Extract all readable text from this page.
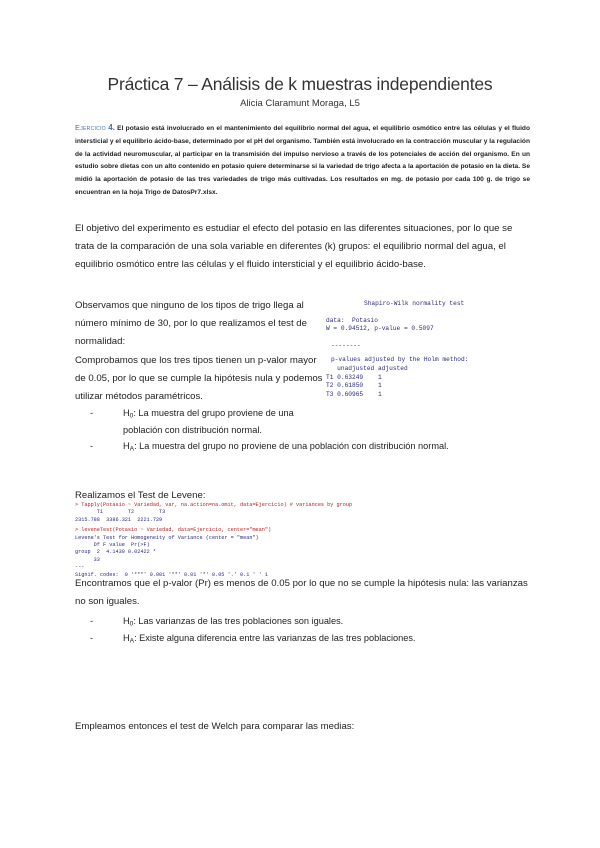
Práctica 7 – Análisis de k muestras independientes
Alicia Claramunt Moraga, L5
Ejercicio 4. El potasio está involucrado en el mantenimiento del equilibrio normal del agua, el equilibrio osmótico entre las células y el fluido intersticial y el equilibrio ácido-base, determinado por el pH del organismo. También está involucrado en la contracción muscular y la regulación de la actividad neuromuscular, al participar en la transmisión del impulso nervioso a través de los potenciales de acción del organismo. En un estudio sobre dietas con un alto contenido en potasio quiere determinarse si la variedad de trigo afecta a la aportación de potasio en la dieta. Se midió la aportación de potasio de las tres variedades de trigo más cultivadas. Los resultados en mg. de potasio por cada 100 g. de trigo se encuentran en la hoja Trigo de DatosPr7.xlsx.
El objetivo del experimento es estudiar el efecto del potasio en las diferentes situaciones, por lo que se trata de la comparación de una sola variable en diferentes (k) grupos: el equilibrio normal del agua, el equilibrio osmótico entre las células y el fluido intersticial y el equilibrio ácido-base.
Observamos que ninguno de los tipos de trigo llega al número mínimo de 30, por lo que realizamos el test de normalidad:
Comprobamos que los tres tipos tienen un p-valor mayor de 0.05, por lo que se cumple la hipótesis nula y podemos utilizar métodos paramétricos.
-	$H_0$: La muestra del grupo proviene de una
población con distribución normal.
-	$H_A$: La muestra del grupo no proviene de una población con distribución normal.
Shapiro-Wilk normality test
data:  Potasio
W = 0.94512, p-value = 0.5097
--------
p-values adjusted by the Holm method:
unadjusted adjusted
T1 0.63249    1
T2 0.61850    1
T3 0.60965    1
Realizamos el Test de Levene:
> Tapply(Potasio ~ Variedad, var, na.action=na.omit, data=Ejercicio) # variances by group
T1        T2        T3
2315.788  3386.321  2221.729
> leveneTest(Potasio ~ Variedad, data=Ejercicio, center="mean")
Levene's Test for Homogeneity of Variance (center = "mean")
Df F value  Pr(>F)
group  2  4.1430 0.02422 *
33
---
Signif. codes:  0 '***' 0.001 '**' 0.01 '*' 0.05 '.' 0.1 ' ' 1
Encontramos que el p-valor (Pr) es menos de 0.05 por lo que no se cumple la hipótesis nula: las varianzas no son iguales.
-	$H_0$: Las varianzas de las tres poblaciones son iguales.
-	$H_A$: Existe alguna diferencia entre las varianzas de las tres poblaciones.
Empleamos entonces el test de Welch para comparar las medias:
